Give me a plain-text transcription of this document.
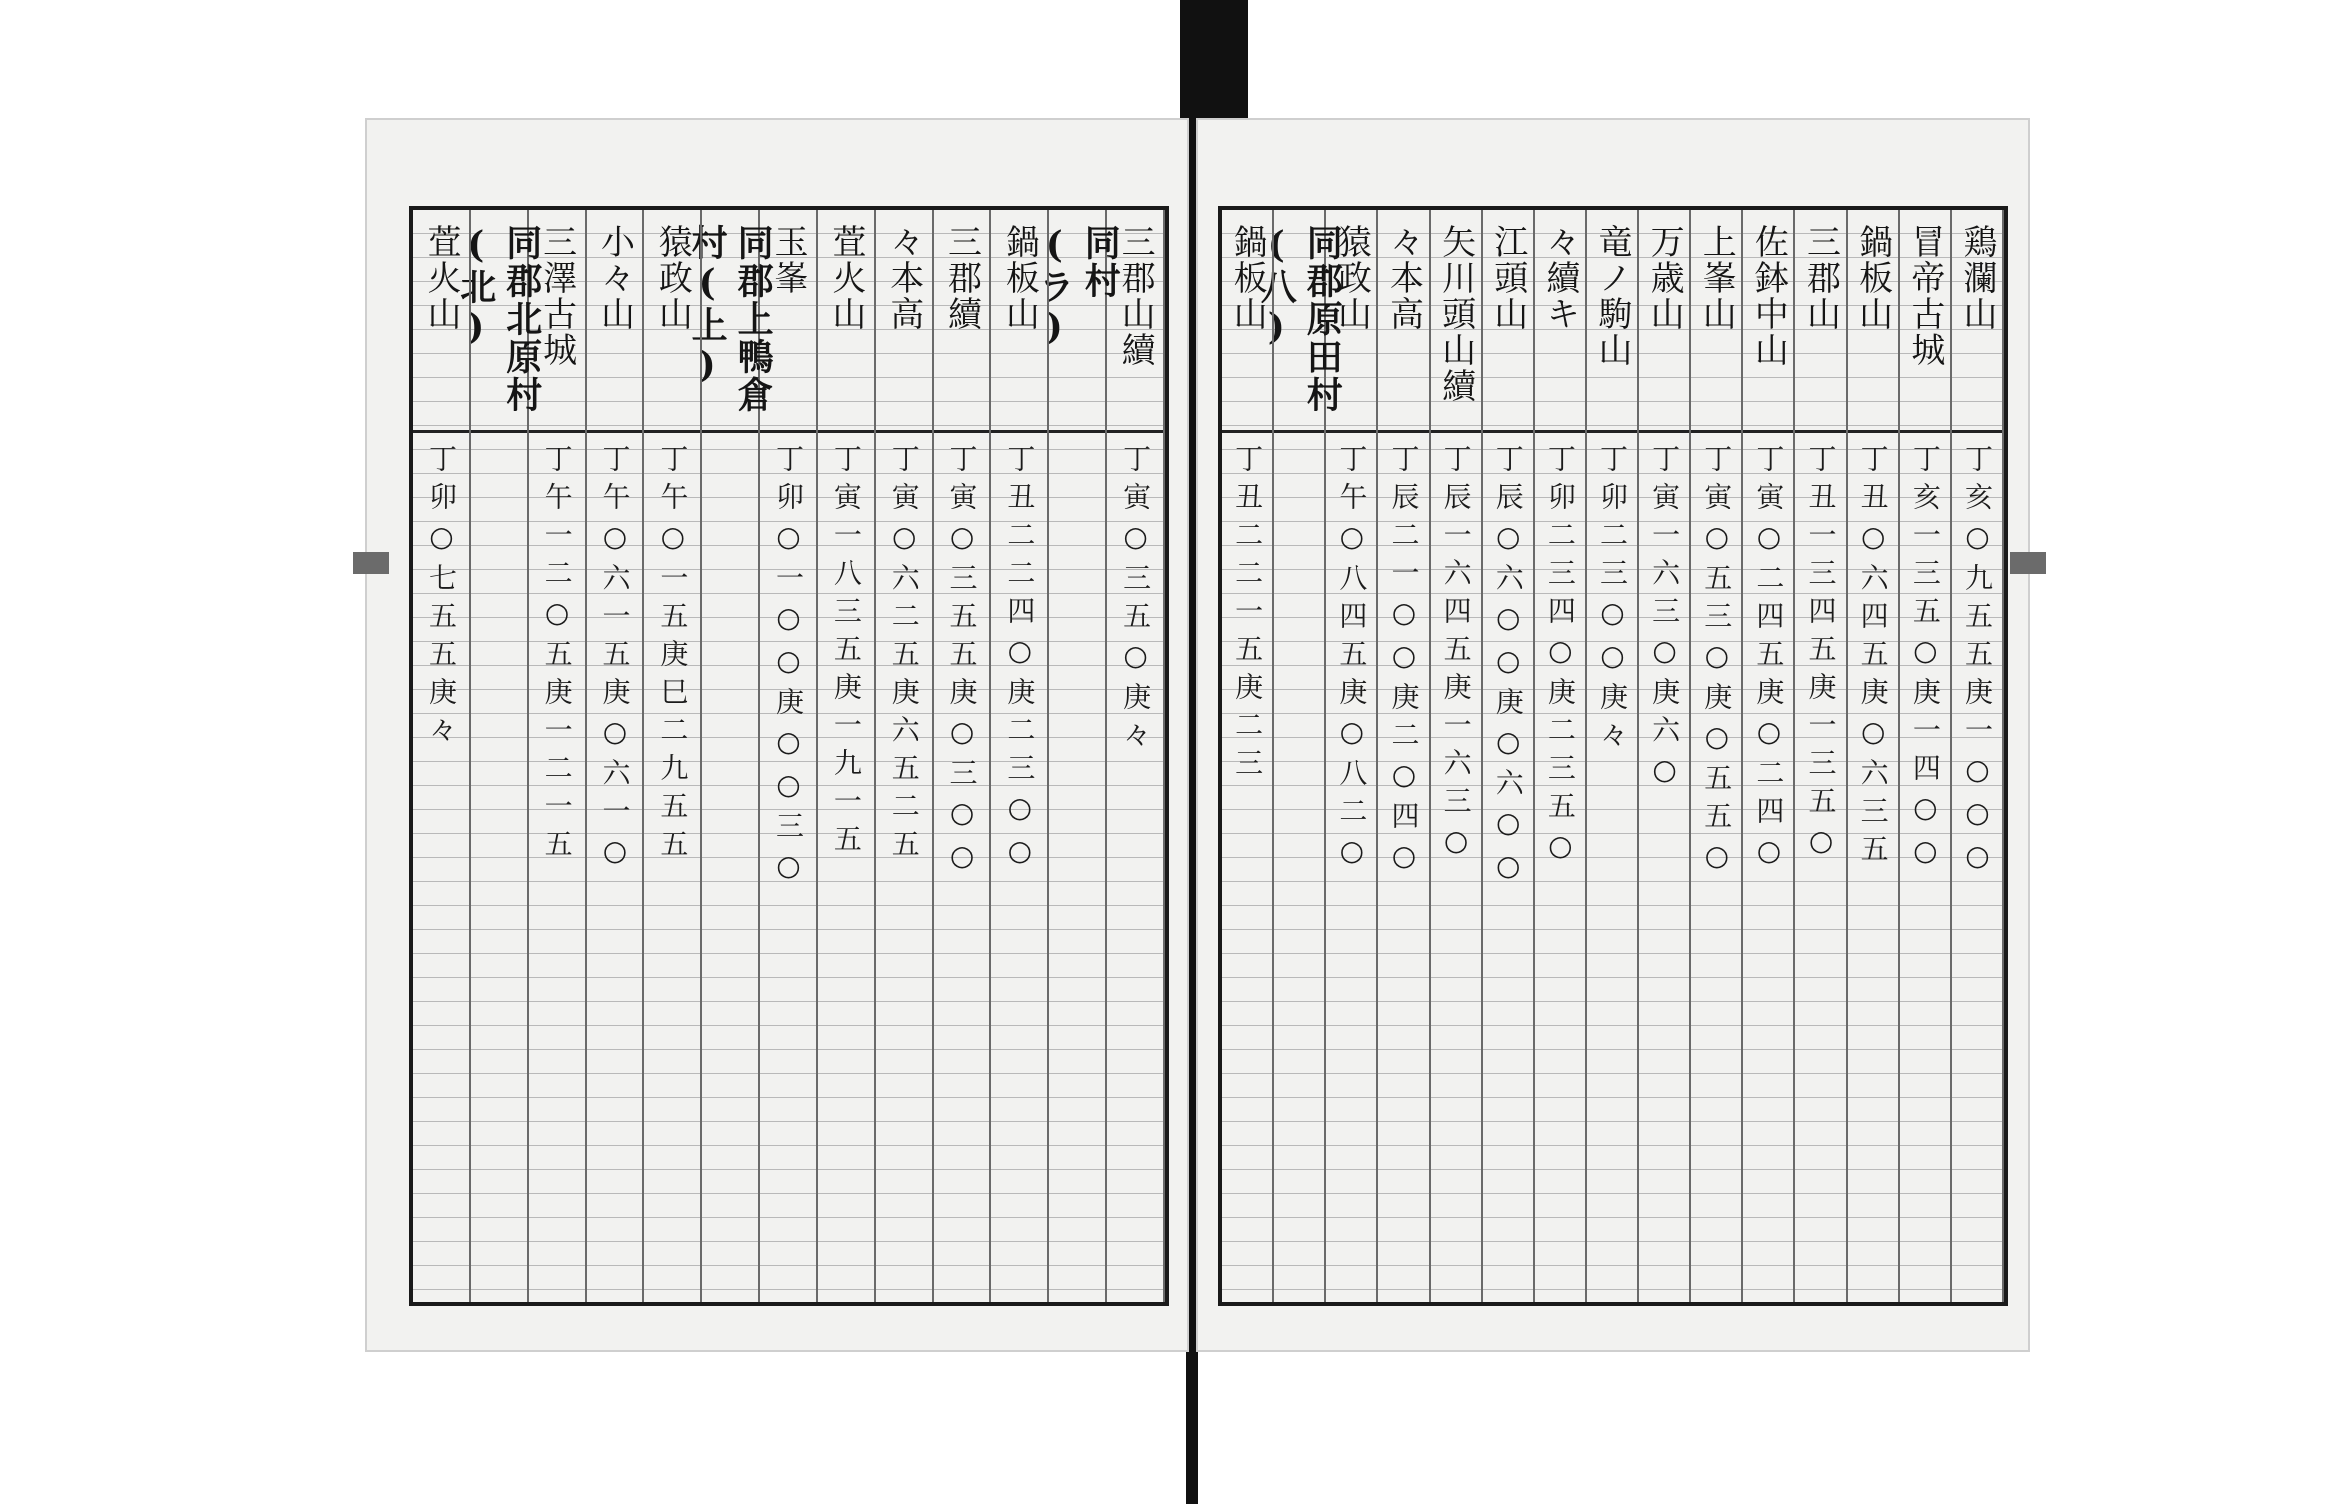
三郡山續
丁寅○三五○庚々
同村(ラ)
鍋板山
丁丑二二四○庚二三○○
三郡續
丁寅○三五五庚○三○○
々本高
丁寅○六二五庚六五二五
萓火山
丁寅一八三五庚一九一五
玉峯
丁卯○一○○庚○○三○
同郡上鴨倉村(上)
猿政山
丁午○一五庚巳二九五五
小々山
丁午○六一五庚○六一○
三澤古城
丁午一二○五庚一二一五
同郡北原村(北)
萓火山
丁卯○七五五庚々
鶏瀾山
丁亥○九五五庚一○○○
冒帝古城
丁亥一三五○庚一四○○
鍋板山
丁丑○六四五庚○六三五
三郡山
丁丑一三四五庚一三五○
佐鉢中山
丁寅○二四五庚○二四○
上峯山
丁寅○五三○庚○五五○
万歳山
丁寅一六三○庚六○
竜ノ駒山
丁卯二三○○庚々
々續キ
丁卯二三四○庚二三五○
江頭山
丁辰○六○○庚○六○○
矢川頭山續
丁辰一六四五庚一六三○
々本高
丁辰二一○○庚二○四○
猿政山
丁午○八四五庚○八二○
同郡原田村(八)
鍋板山
丁丑二二一五庚二三
